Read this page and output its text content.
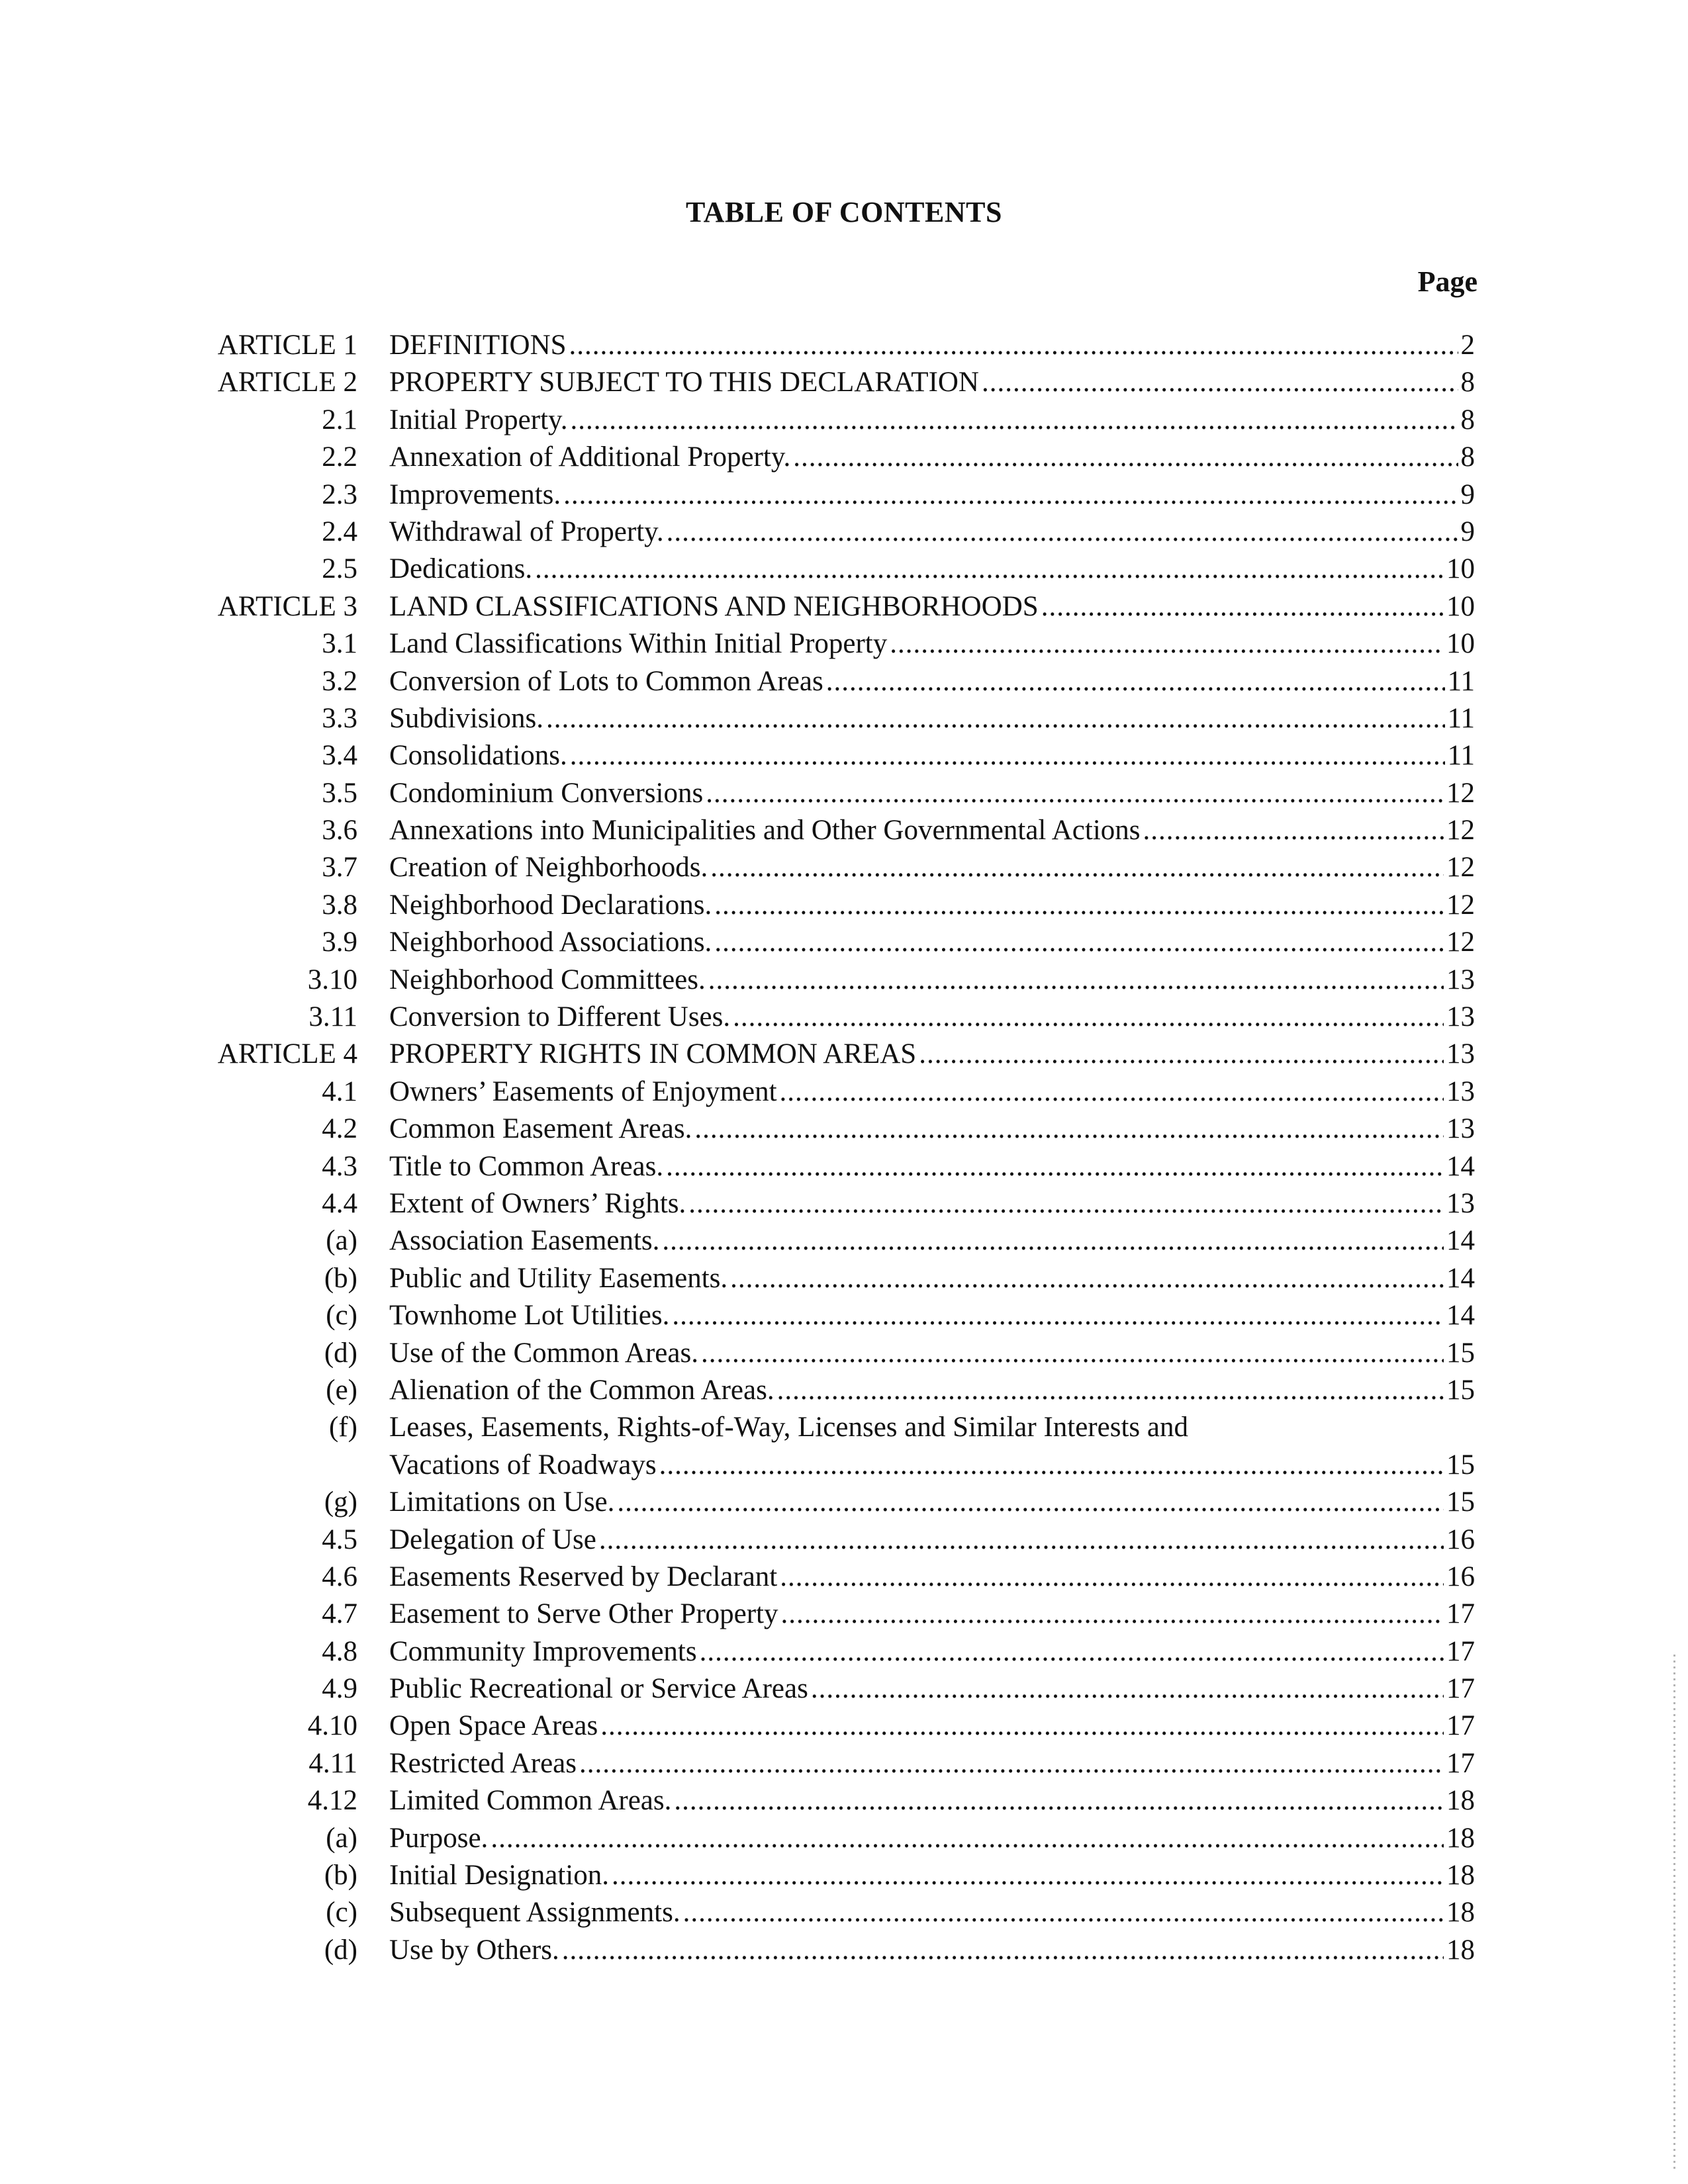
TABLE OF CONTENTS
Page
ARTICLE 1 DEFINITIONS .....	2
ARTICLE 2 PROPERTY SUBJECT TO THIS DECLARATION .....	8
2.1 Initial Property. .....	8
2.2 Annexation of Additional Property. .....	8
2.3 Improvements. .....	9
2.4 Withdrawal of Property. .....	9
2.5 Dedications. .....	10
ARTICLE 3 LAND CLASSIFICATIONS AND NEIGHBORHOODS .....	10
3.1 Land Classifications Within Initial Property .....	10
3.2 Conversion of Lots to Common Areas .....	11
3.3 Subdivisions. .....	11
3.4 Consolidations. .....	11
3.5 Condominium Conversions .....	12
3.6 Annexations into Municipalities and Other Governmental Actions .....	12
3.7 Creation of Neighborhoods. .....	12
3.8 Neighborhood Declarations. .....	12
3.9 Neighborhood Associations. .....	12
3.10 Neighborhood Committees. .....	13
3.11 Conversion to Different Uses. .....	13
ARTICLE 4 PROPERTY RIGHTS IN COMMON AREAS .....	13
4.1 Owners’ Easements of Enjoyment .....	13
4.2 Common Easement Areas. .....	13
4.3 Title to Common Areas. .....	14
4.4 Extent of Owners’ Rights. .....	13
(a) Association Easements. .....	14
(b) Public and Utility Easements. .....	14
(c) Townhome Lot Utilities. .....	14
(d) Use of the Common Areas. .....	15
(e) Alienation of the Common Areas. .....	15
(f) Leases, Easements, Rights-of-Way, Licenses and Similar Interests and
Vacations of Roadways .....	15
(g) Limitations on Use. .....	15
4.5 Delegation of Use .....	16
4.6 Easements Reserved by Declarant .....	16
4.7 Easement to Serve Other Property .....	17
4.8 Community Improvements .....	17
4.9 Public Recreational or Service Areas .....	17
4.10 Open Space Areas .....	17
4.11 Restricted Areas .....	17
4.12 Limited Common Areas. .....	18
(a) Purpose. .....	18
(b) Initial Designation. .....	18
(c) Subsequent Assignments. .....	18
(d) Use by Others. .....	18
